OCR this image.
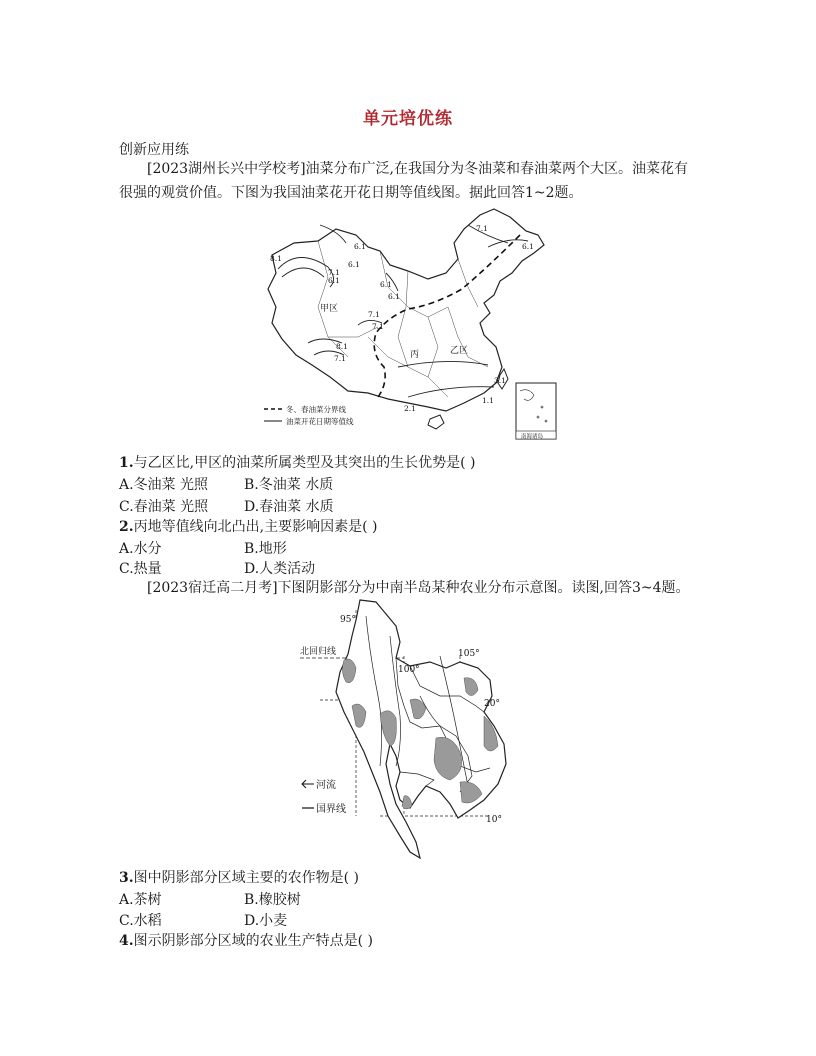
单元培优练
创新应用练
[2023湖州长兴中学校考]油菜分布广泛,在我国分为冬油菜和春油菜两个大区。油菜花有
很强的观赏价值。下图为我国油菜花开花日期等值线图。据此回答1~2题。
8.1
6.1
6.1
7.1
6.1	6.1
6.1
7.1
7.1
8.1
7.1
7.1
6.1
3.1
2.1
1.1
甲区
乙区
丙
南海诸岛
冬、春油菜分界线
油菜开花日期等值线
1.与乙区比,甲区的油菜所属类型及其突出的生长优势是( )
A.冬油菜 光照	B.冬油菜 水质
C.春油菜 光照	D.春油菜 水质
2.丙地等值线向北凸出,主要影响因素是( )
A.水分	B.地形
C.热量	D.人类活动
[2023宿迁高二月考]下图阴影部分为中南半岛某种农业分布示意图。读图,回答3~4题。
95°
100°
105°
20°
10°
北回归线
河流
国界线
3.图中阴影部分区域主要的农作物是( )
A.茶树	B.橡胶树
C.水稻	D.小麦
4.图示阴影部分区域的农业生产特点是( )
